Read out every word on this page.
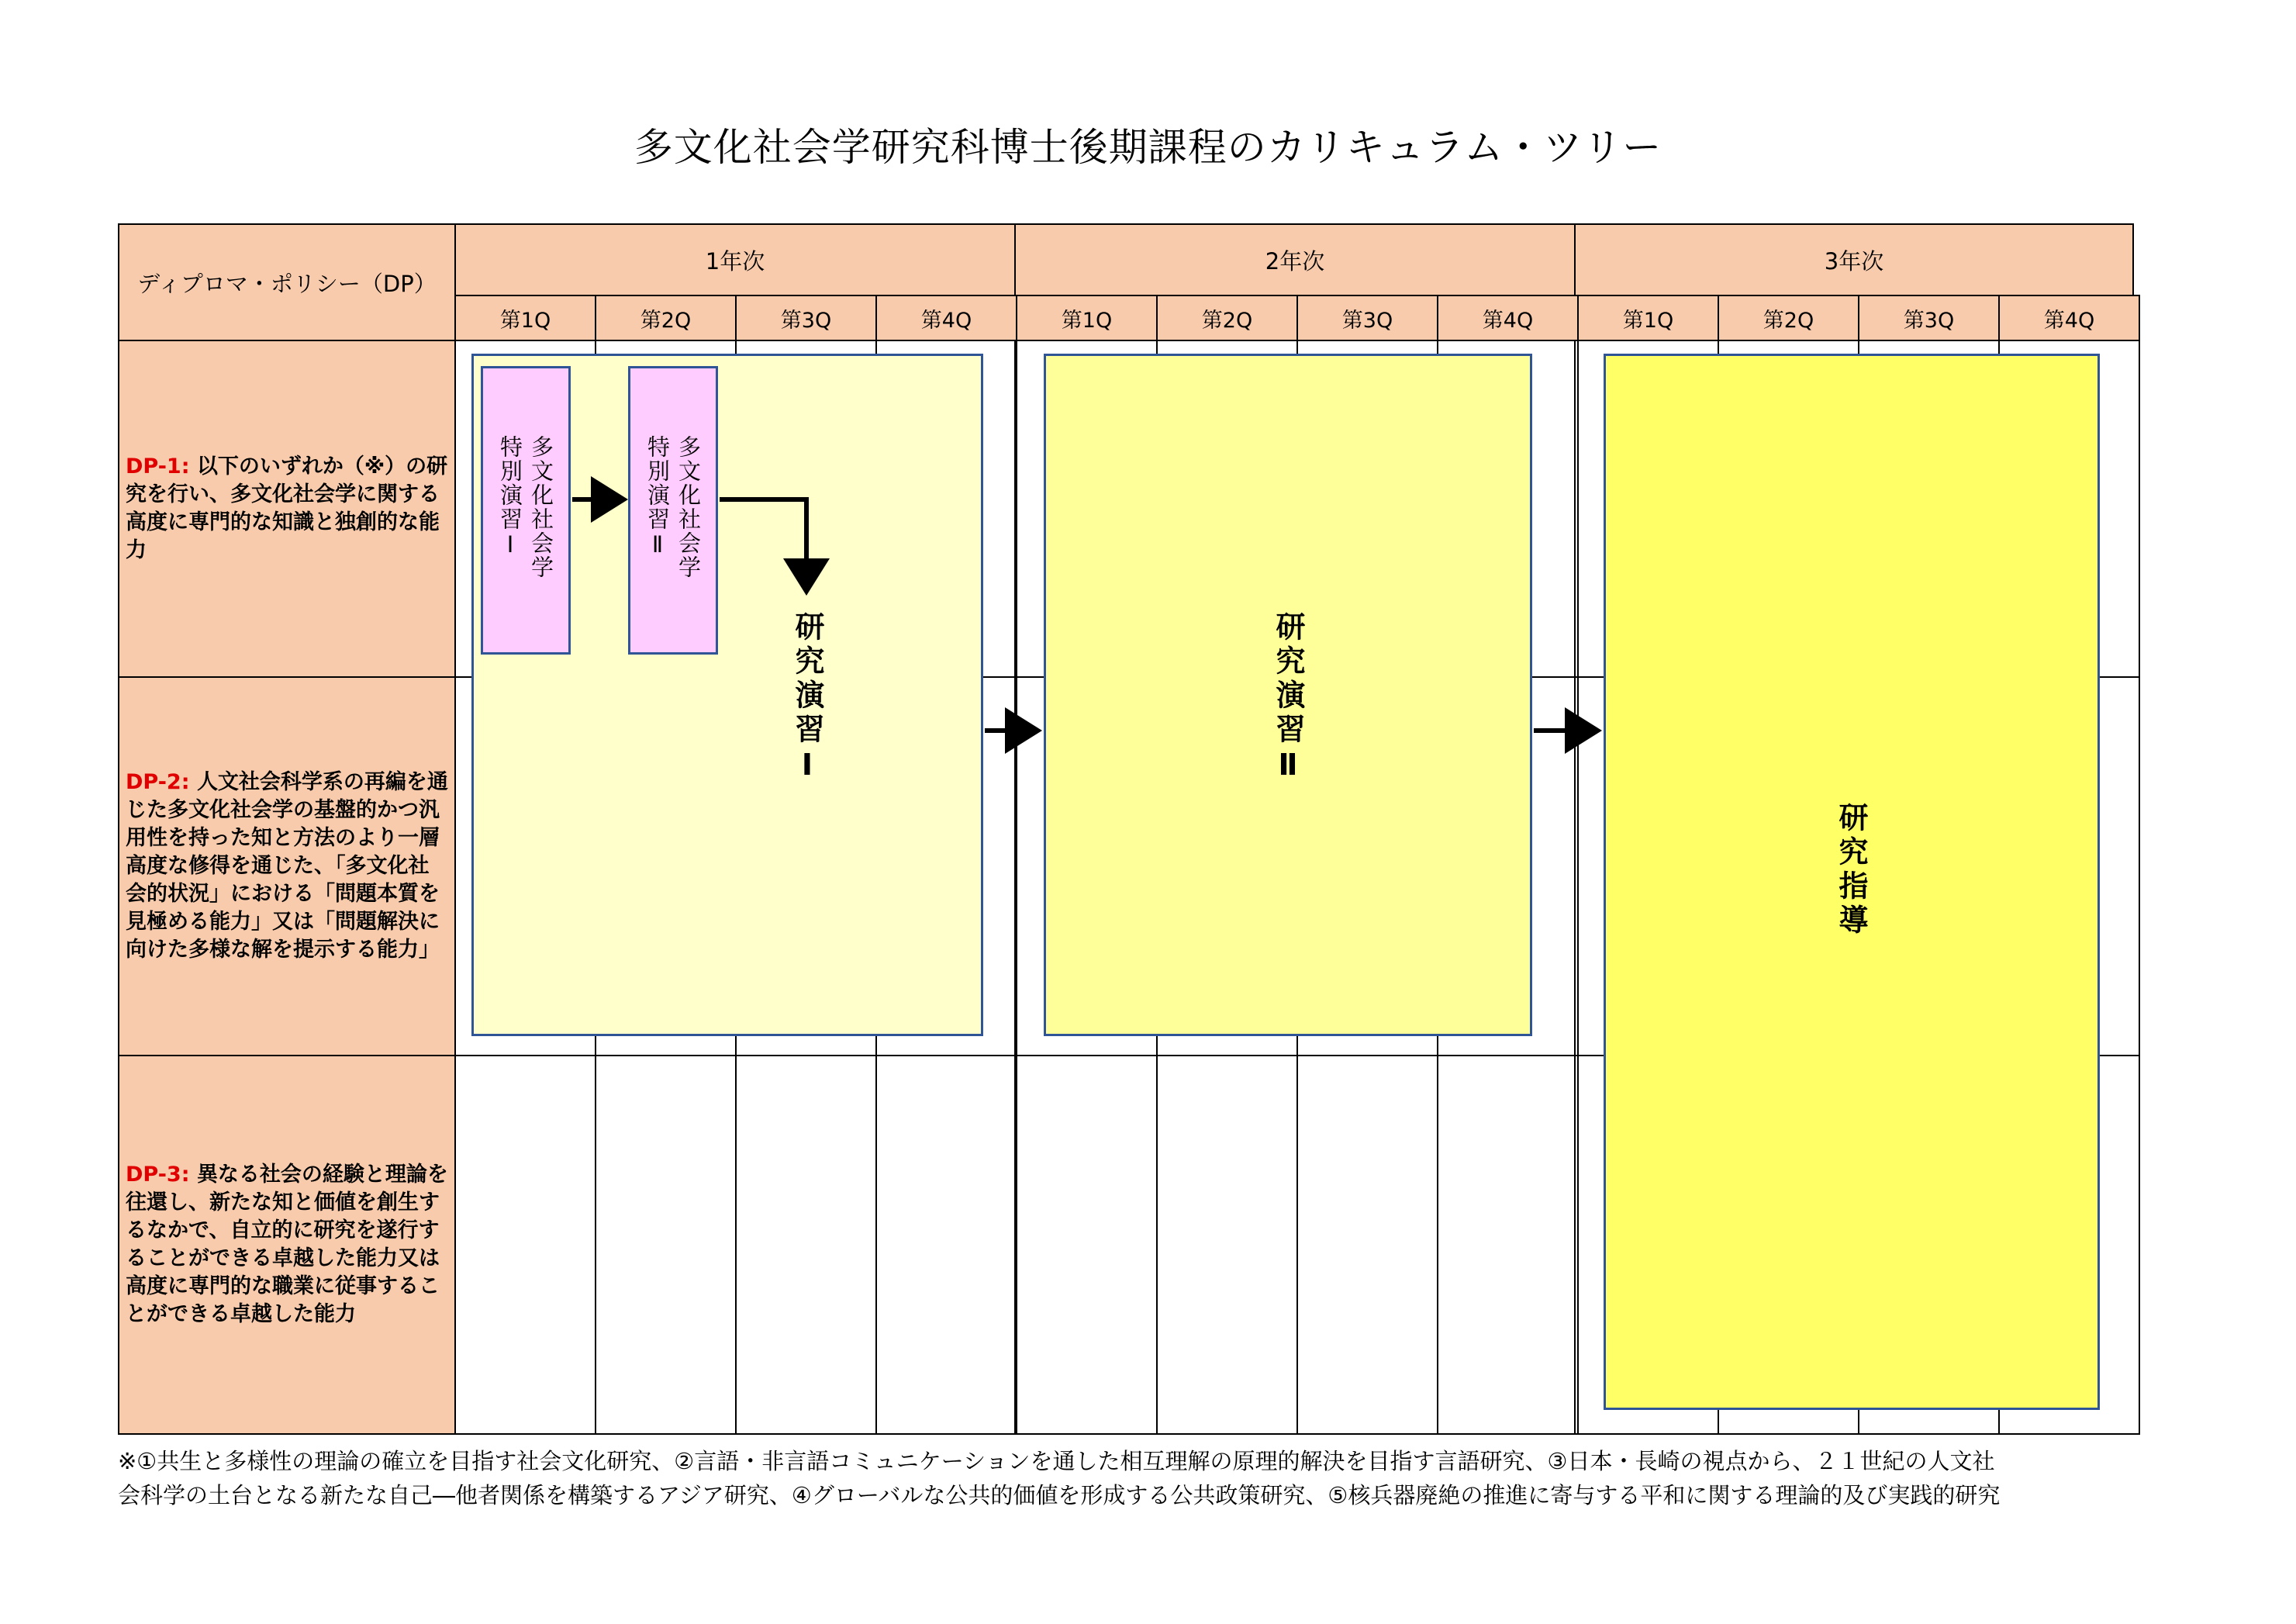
多文化社会学研究科博士後期課程のカリキュラム・ツリー
ディプロマ・ポリシー（DP）
1年次	2年次	3年次
第1Q	第2Q	第3Q	第4Q	第1Q	第2Q	第3Q	第4Q	第1Q	第2Q	第3Q	第4Q
DP-1: 以下のいずれか（※）の研究を行い、多文化社会学に関する高度に専門的な知識と独創的な能力
DP-2: 人文社会科学系の再編を通じた多文化社会学の基盤的かつ汎用性を持った知と方法のより一層高度な修得を通じた、「多文化社会的状況」における「問題本質を見極める能力」又は「問題解決に向けた多様な解を提示する能力」
DP-3: 異なる社会の経験と理論を往還し、新たな知と価値を創生するなかで、自立的に研究を遂行することができる卓越した能力又は高度に専門的な職業に従事することができる卓越した能力
研究演習Ⅰ
多文化社会学
特別演習Ⅰ	多文化社会学
特別演習Ⅱ
研究演習Ⅱ
研究指導
※①共生と多様性の理論の確立を目指す社会文化研究、②言語・非言語コミュニケーションを通した相互理解の原理的解決を目指す言語研究、③日本・長崎の視点から、２１世紀の人文社
会科学の土台となる新たな自己―他者関係を構築するアジア研究、④グローバルな公共的価値を形成する公共政策研究、⑤核兵器廃絶の推進に寄与する平和に関する理論的及び実践的研究
